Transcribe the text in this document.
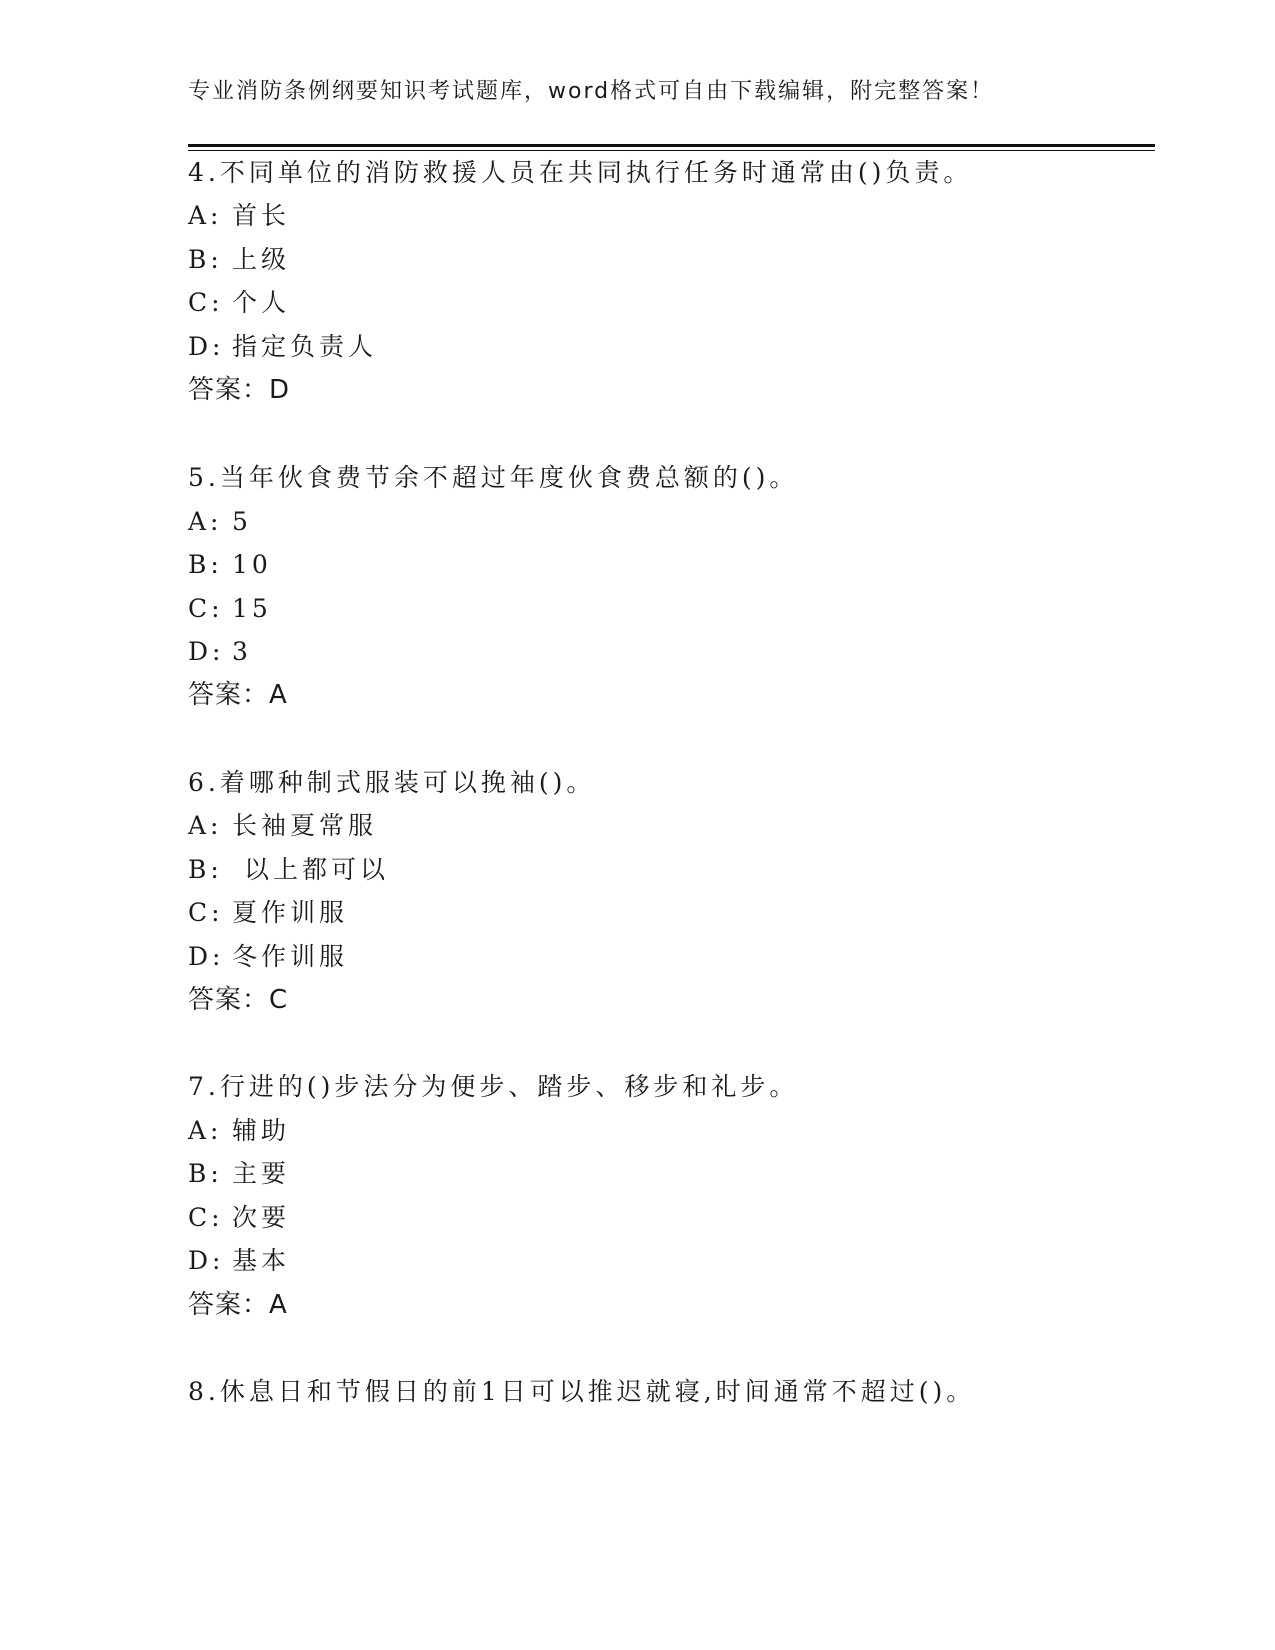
专业消防条例纲要知识考试题库，word格式可自由下载编辑，附完整答案！
4.不同单位的消防救援人员在共同执行任务时通常由()负责。
A: 首长
B: 上级
C: 个人
D: 指定负责人
答案：D
5.当年伙食费节余不超过年度伙食费总额的()。
A: 5
B: 10
C: 15
D: 3
答案：A
6.着哪种制式服装可以挽袖()。
A: 长袖夏常服
B: 以上都可以
C: 夏作训服
D: 冬作训服
答案：C
7.行进的()步法分为便步、踏步、移步和礼步。
A: 辅助
B: 主要
C: 次要
D: 基本
答案：A
8.休息日和节假日的前1日可以推迟就寝,时间通常不超过()。
